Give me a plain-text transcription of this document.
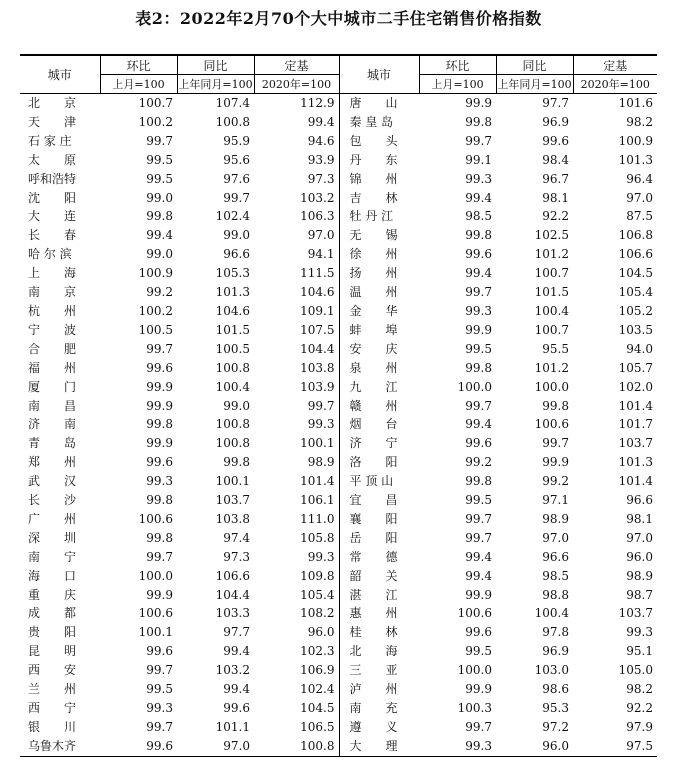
表2：2022年2月70个大中城市二手住宅销售价格指数
城市	环比	同比	定基	城市	环比	同比	定基
	上月=100	上年同月=100	2020年=100		上月=100	上年同月=100	2020年=100
北　　京	100.7	107.4	112.9	唐　　山	99.9	97.7	101.6
天　　津	100.2	100.8	99.4	秦 皇 岛	99.8	96.9	98.2
石 家 庄	99.7	95.9	94.6	包　　头	99.7	99.6	100.9
太　　原	99.5	95.6	93.9	丹　　东	99.1	98.4	101.3
呼和浩特	99.5	97.6	97.3	锦　　州	99.3	96.7	96.4
沈　　阳	99.0	99.7	103.2	吉　　林	99.4	98.1	97.0
大　　连	99.8	102.4	106.3	牡 丹 江	98.5	92.2	87.5
长　　春	99.4	99.0	97.0	无　　锡	99.8	102.5	106.8
哈 尔 滨	99.0	96.6	94.1	徐　　州	99.6	101.2	106.6
上　　海	100.9	105.3	111.5	扬　　州	99.4	100.7	104.5
南　　京	99.2	101.3	104.6	温　　州	99.7	101.5	105.4
杭　　州	100.2	104.6	109.1	金　　华	99.3	100.4	105.2
宁　　波	100.5	101.5	107.5	蚌　　埠	99.9	100.7	103.5
合　　肥	99.7	100.5	104.4	安　　庆	99.5	95.5	94.0
福　　州	99.6	100.8	103.8	泉　　州	99.8	101.2	105.7
厦　　门	99.9	100.4	103.9	九　　江	100.0	100.0	102.0
南　　昌	99.9	99.0	99.7	赣　　州	99.7	99.8	101.4
济　　南	99.8	100.8	99.3	烟　　台	99.4	100.6	101.7
青　　岛	99.9	100.8	100.1	济　　宁	99.6	99.7	103.7
郑　　州	99.6	99.8	98.9	洛　　阳	99.2	99.9	101.3
武　　汉	99.3	100.1	101.4	平 顶 山	99.8	99.2	101.4
长　　沙	99.8	103.7	106.1	宜　　昌	99.5	97.1	96.6
广　　州	100.6	103.8	111.0	襄　　阳	99.7	98.9	98.1
深　　圳	99.8	97.4	105.8	岳　　阳	99.7	97.0	97.0
南　　宁	99.7	97.3	99.3	常　　德	99.4	96.6	96.0
海　　口	100.0	106.6	109.8	韶　　关	99.4	98.5	98.9
重　　庆	99.9	104.4	105.4	湛　　江	99.9	98.8	98.7
成　　都	100.6	103.3	108.2	惠　　州	100.6	100.4	103.7
贵　　阳	100.1	97.7	96.0	桂　　林	99.6	97.8	99.3
昆　　明	99.6	99.4	102.3	北　　海	99.5	96.9	95.1
西　　安	99.7	103.2	106.9	三　　亚	100.0	103.0	105.0
兰　　州	99.5	99.4	102.4	泸　　州	99.9	98.6	98.2
西　　宁	99.3	99.6	104.5	南　　充	100.3	95.3	92.2
银　　川	99.7	101.1	106.5	遵　　义	99.7	97.2	97.9
乌鲁木齐	99.6	97.0	100.8	大　　理	99.3	96.0	97.5
